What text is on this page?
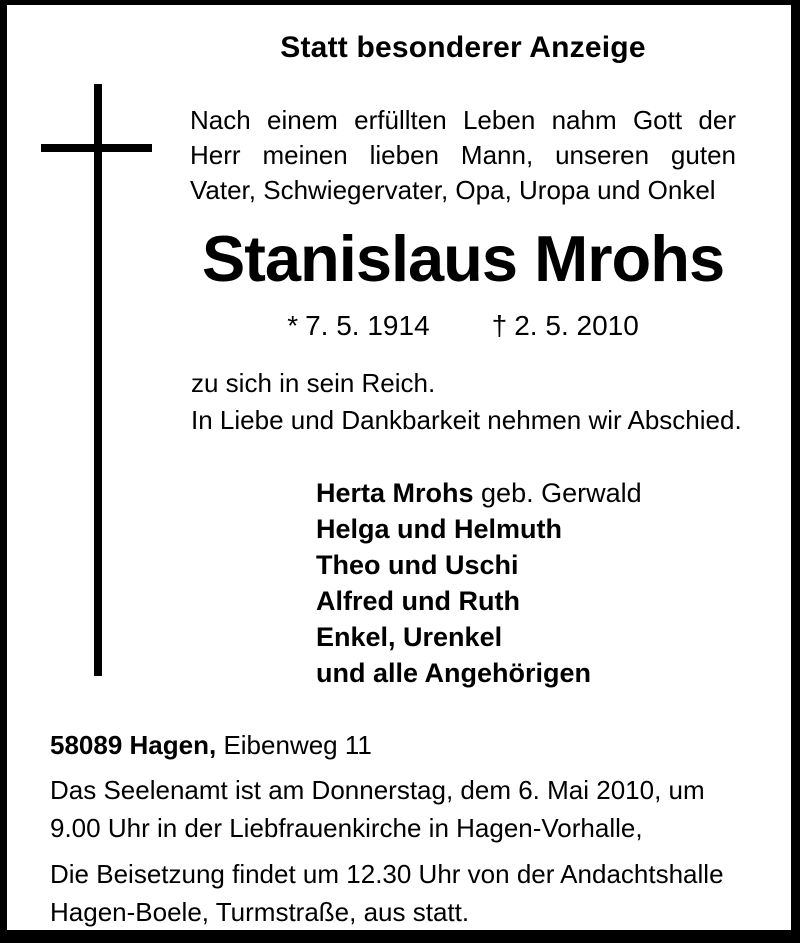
Statt besonderer Anzeige
Nach einem erfüllten Leben nahm Gott der
Herr meinen lieben Mann, unseren guten
Vater, Schwiegervater, Opa, Uropa und Onkel
Stanislaus Mrohs
* 7. 5. 1914 † 2. 5. 2010
zu sich in sein Reich.
In Liebe und Dankbarkeit nehmen wir Abschied.
Herta Mrohs geb. Gerwald
Helga und Helmuth
Theo und Uschi
Alfred und Ruth
Enkel, Urenkel
und alle Angehörigen
58089 Hagen, Eibenweg 11
Das Seelenamt ist am Donnerstag, dem 6. Mai 2010, um
9.00 Uhr in der Liebfrauenkirche in Hagen-Vorhalle,
Die Beisetzung findet um 12.30 Uhr von der Andachtshalle
Hagen-Boele, Turmstraße, aus statt.
